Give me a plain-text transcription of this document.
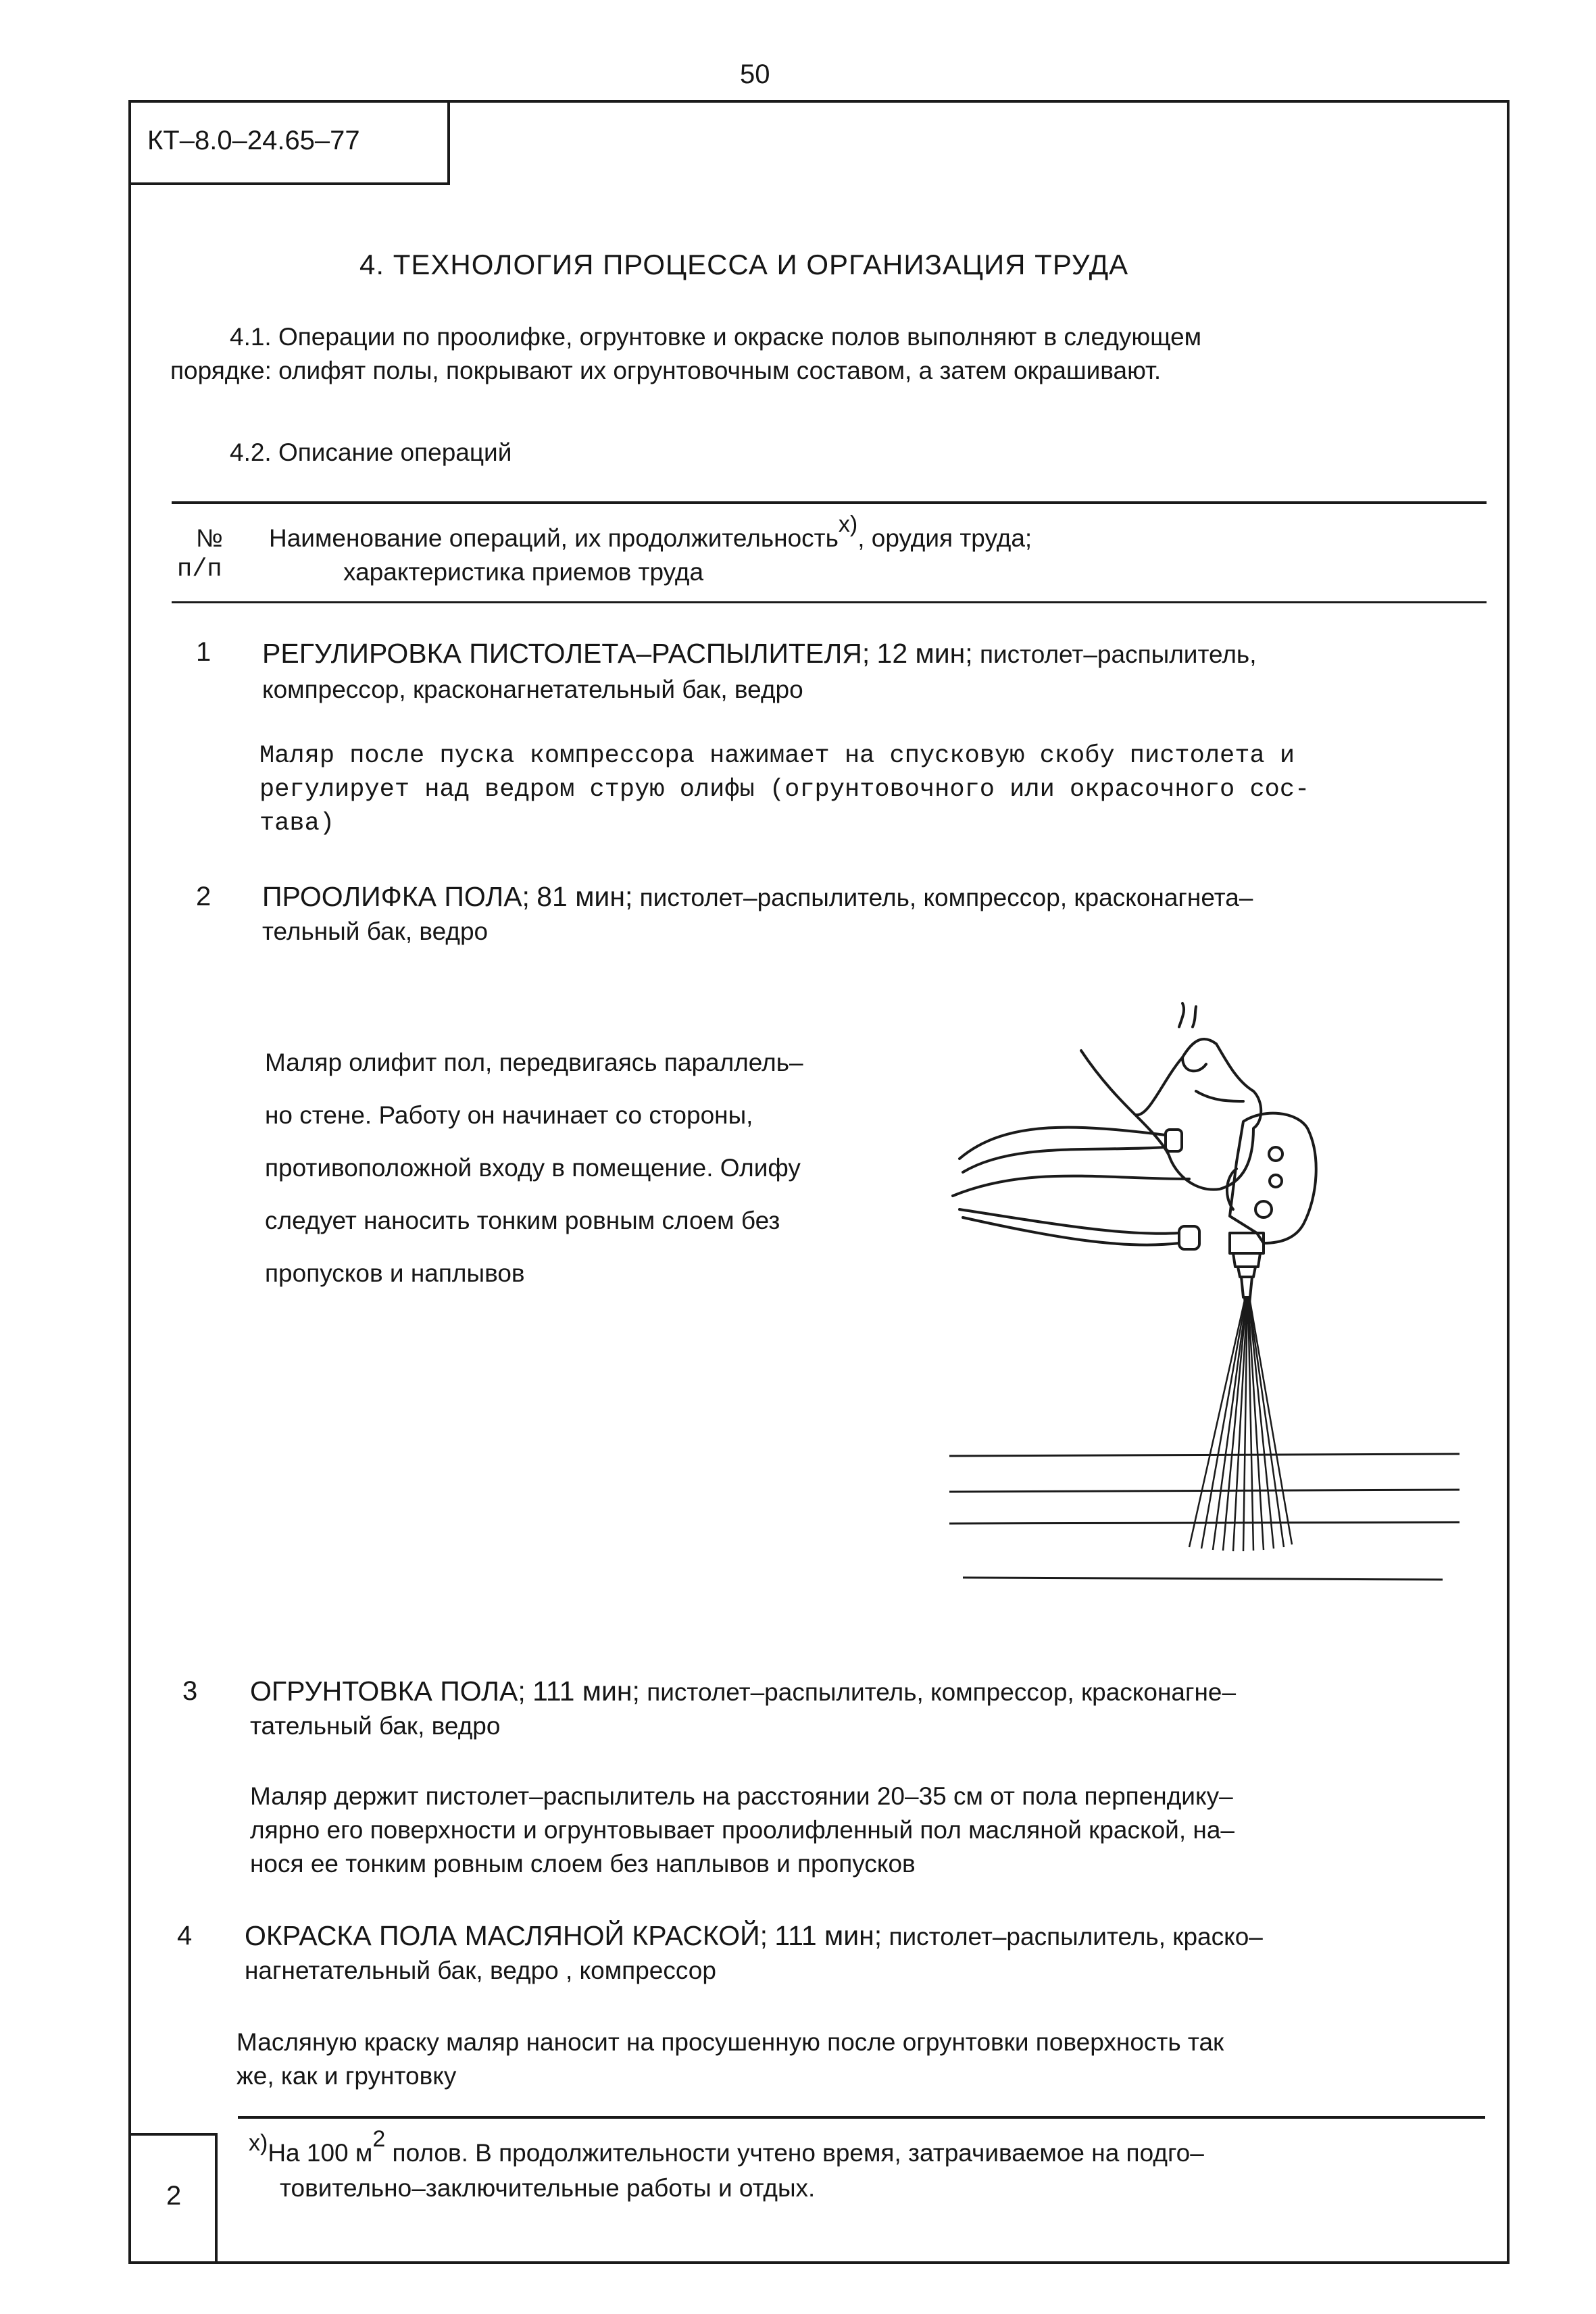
50
КТ–8.0–24.65–77
2
4. ТЕХНОЛОГИЯ ПРОЦЕССА И ОРГАНИЗАЦИЯ ТРУДА
4.1. Операции по проолифке, огрунтовке и окраске полов выполняют в следующем
порядке: олифят полы, покрывают их огрунтовочным составом, а затем окрашивают.
4.2. Описание операций
№
п/п
Наименование операций, их продолжительностьx), орудия труда;
характеристика приемов труда
1 РЕГУЛИРОВКА ПИСТОЛЕТА–РАСПЫЛИТЕЛЯ; 12 мин; пистолет–распылитель,
компрессор, красконагнетательный бак, ведро
Маляр после пуска компрессора нажимает на спусковую скобу пистолета и
регулирует над ведром струю олифы (огрунтовочного или окрасочного сос-
тава)
2 ПРООЛИФКА ПОЛА; 81 мин; пистолет–распылитель, компрессор, красконагнета–
тельный бак, ведро
Маляр олифит пол, передвигаясь параллель–
но стене. Работу он начинает со стороны,
противоположной входу в помещение. Олифу
следует наносить тонким ровным слоем без
пропусков и наплывов
3 ОГРУНТОВКА ПОЛА; 111 мин; пистолет–распылитель, компрессор, красконагне–
тательный бак, ведро
Маляр держит пистолет–распылитель на расстоянии 20–35 см от пола перпендику–
лярно его поверхности и огрунтовывает проолифленный пол масляной краской, на–
нося ее тонким ровным слоем без наплывов и пропусков
4 ОКРАСКА ПОЛА МАСЛЯНОЙ КРАСКОЙ; 111 мин; пистолет–распылитель, краско–
нагнетательный бак, ведро , компрессор
Масляную краску маляр наносит на просушенную после огрунтовки поверхность так
же, как и грунтовку
x)На 100 м2 полов. В продолжительности учтено время, затрачиваемое на подго–
товительно–заключительные работы и отдых.
